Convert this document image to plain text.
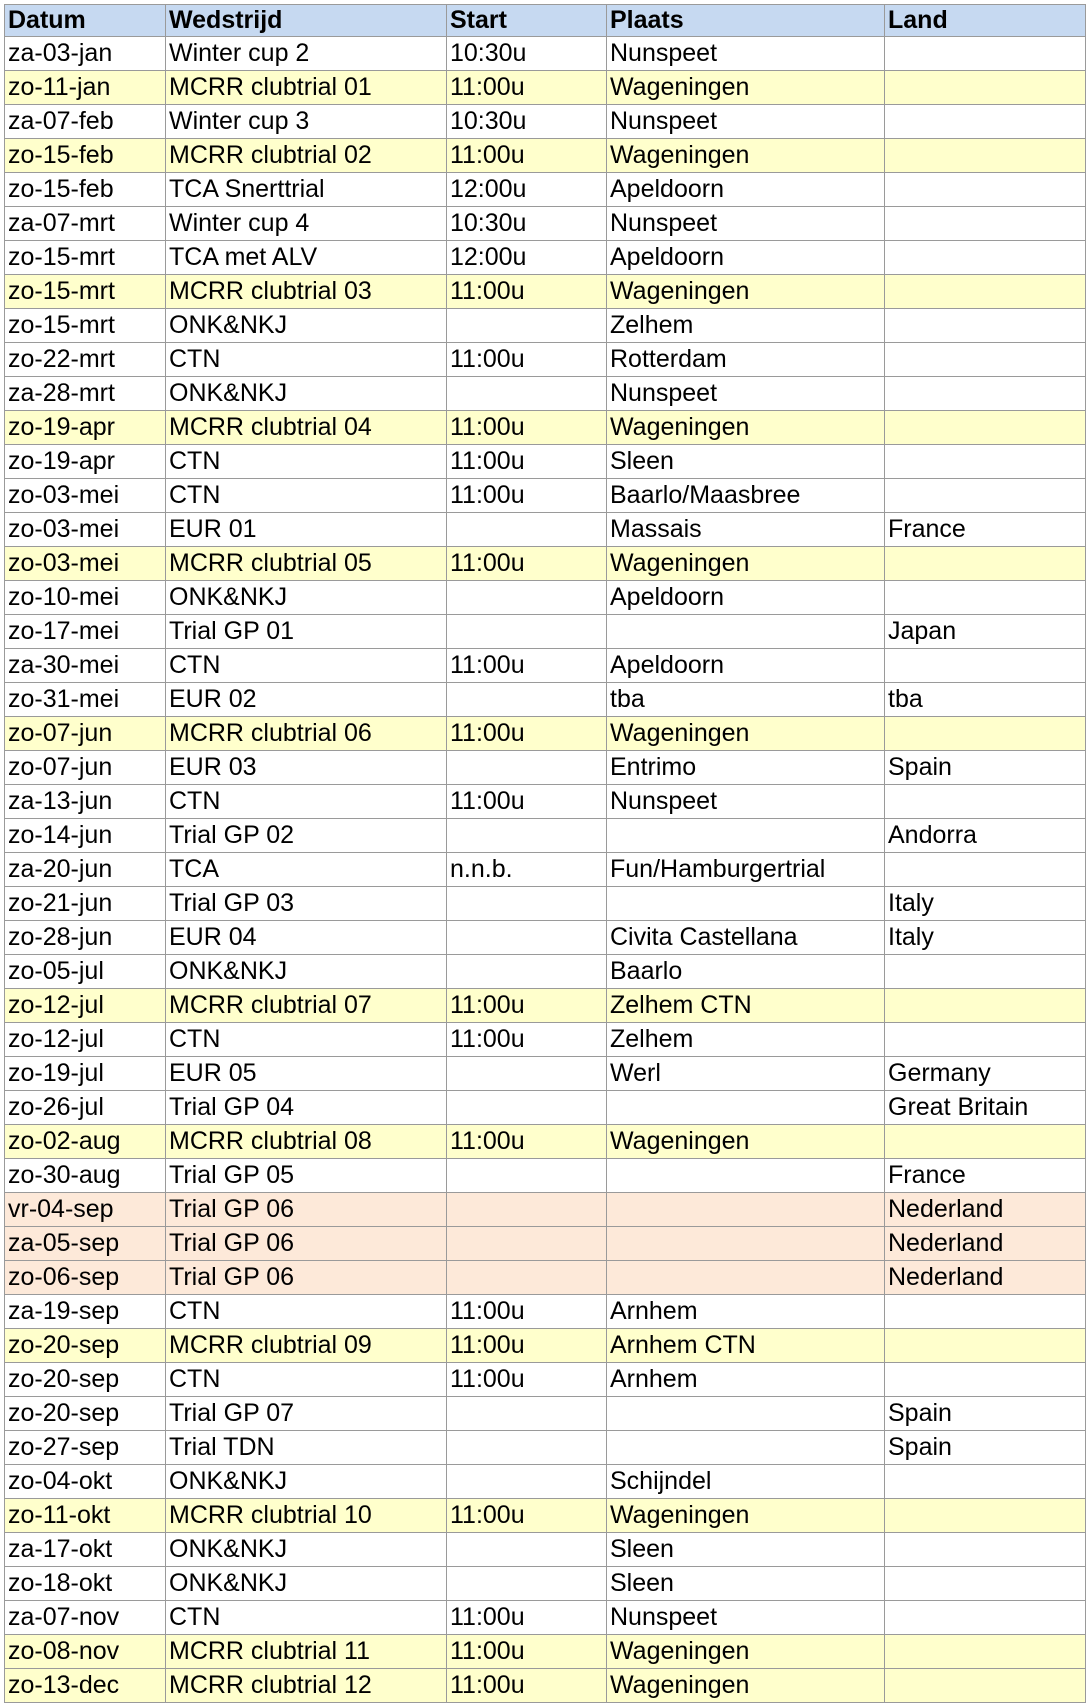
Datum	Wedstrijd	Start	Plaats	Land
za-03-jan	Winter cup 2	10:30u	Nunspeet	
zo-11-jan	MCRR clubtrial 01	11:00u	Wageningen	
za-07-feb	Winter cup 3	10:30u	Nunspeet	
zo-15-feb	MCRR clubtrial 02	11:00u	Wageningen	
zo-15-feb	TCA Snerttrial	12:00u	Apeldoorn	
za-07-mrt	Winter cup 4	10:30u	Nunspeet	
zo-15-mrt	TCA met ALV	12:00u	Apeldoorn	
zo-15-mrt	MCRR clubtrial 03	11:00u	Wageningen	
zo-15-mrt	ONK&NKJ		Zelhem	
zo-22-mrt	CTN	11:00u	Rotterdam	
za-28-mrt	ONK&NKJ		Nunspeet	
zo-19-apr	MCRR clubtrial 04	11:00u	Wageningen	
zo-19-apr	CTN	11:00u	Sleen	
zo-03-mei	CTN	11:00u	Baarlo/Maasbree	
zo-03-mei	EUR 01		Massais	France
zo-03-mei	MCRR clubtrial 05	11:00u	Wageningen	
zo-10-mei	ONK&NKJ		Apeldoorn	
zo-17-mei	Trial GP 01			Japan
za-30-mei	CTN	11:00u	Apeldoorn	
zo-31-mei	EUR 02		tba	tba
zo-07-jun	MCRR clubtrial 06	11:00u	Wageningen	
zo-07-jun	EUR 03		Entrimo	Spain
za-13-jun	CTN	11:00u	Nunspeet	
zo-14-jun	Trial GP 02			Andorra
za-20-jun	TCA	n.n.b.	Fun/Hamburgertrial	
zo-21-jun	Trial GP 03			Italy
zo-28-jun	EUR 04		Civita Castellana	Italy
zo-05-jul	ONK&NKJ		Baarlo	
zo-12-jul	MCRR clubtrial 07	11:00u	Zelhem CTN	
zo-12-jul	CTN	11:00u	Zelhem	
zo-19-jul	EUR 05		Werl	Germany
zo-26-jul	Trial GP 04			Great Britain
zo-02-aug	MCRR clubtrial 08	11:00u	Wageningen	
zo-30-aug	Trial GP 05			France
vr-04-sep	Trial GP 06			Nederland
za-05-sep	Trial GP 06			Nederland
zo-06-sep	Trial GP 06			Nederland
za-19-sep	CTN	11:00u	Arnhem	
zo-20-sep	MCRR clubtrial 09	11:00u	Arnhem CTN	
zo-20-sep	CTN	11:00u	Arnhem	
zo-20-sep	Trial GP 07			Spain
zo-27-sep	Trial TDN			Spain
zo-04-okt	ONK&NKJ		Schijndel	
zo-11-okt	MCRR clubtrial 10	11:00u	Wageningen	
za-17-okt	ONK&NKJ		Sleen	
zo-18-okt	ONK&NKJ		Sleen	
za-07-nov	CTN	11:00u	Nunspeet	
zo-08-nov	MCRR clubtrial 11	11:00u	Wageningen	
zo-13-dec	MCRR clubtrial 12	11:00u	Wageningen	
